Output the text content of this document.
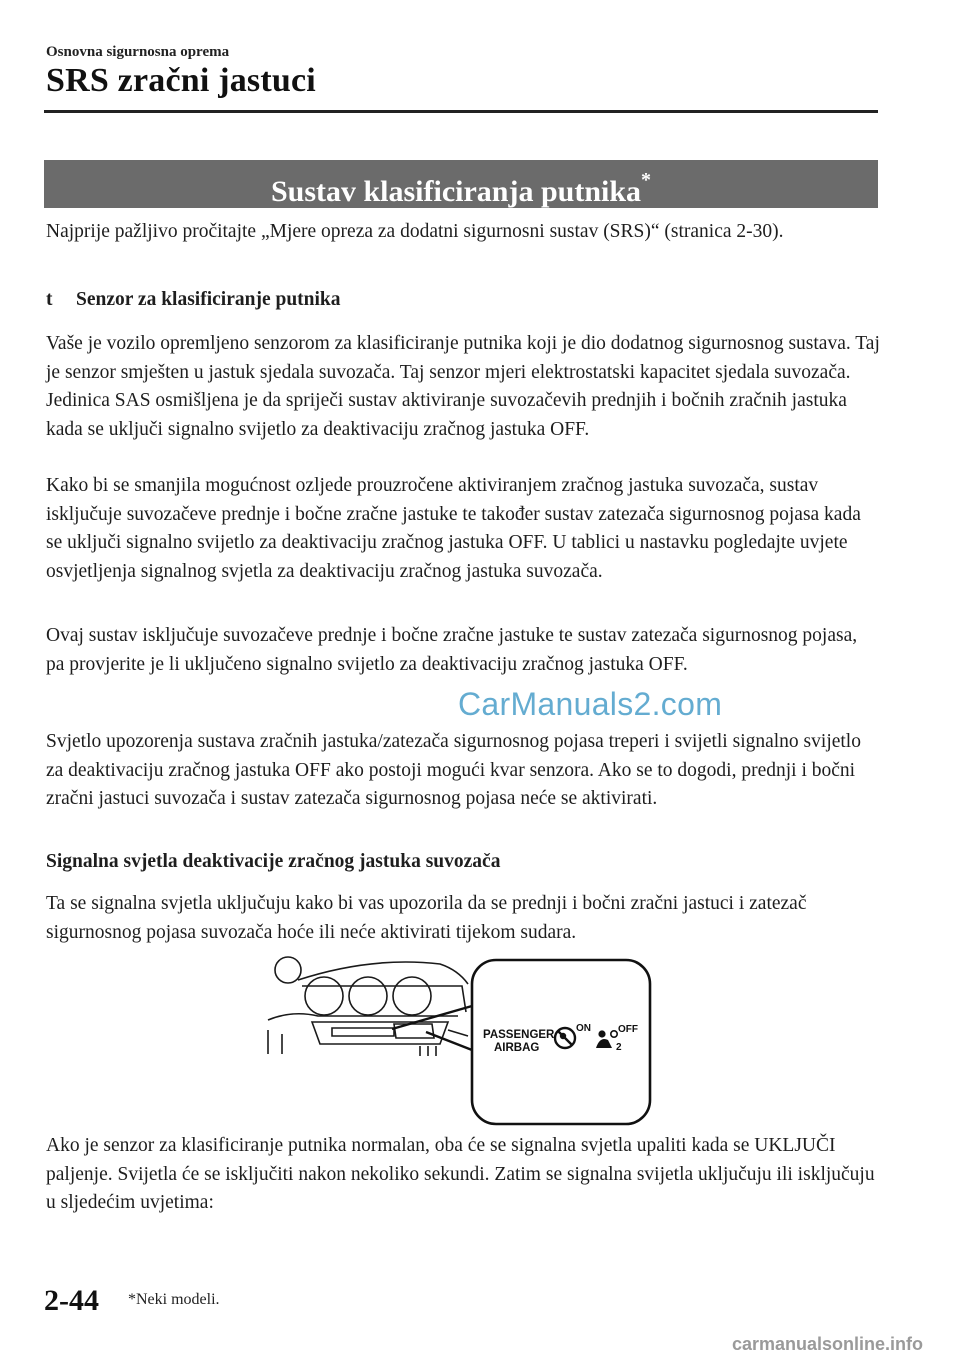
Osnovna sigurnosna oprema
SRS zračni jastuci
Sustav klasificiranja putnika*
Najprije pažljivo pročitajte „Mjere opreza za dodatni sigurnosni sustav (SRS)“ (stranica 2-30).
t Senzor za klasificiranje putnika
Vaše je vozilo opremljeno senzorom za klasificiranje putnika koji je dio dodatnog sigurnosnog sustava. Taj je senzor smješten u jastuk sjedala suvozača. Taj senzor mjeri elektrostatski kapacitet sjedala suvozača. Jedinica SAS osmišljena je da spriječi sustav aktiviranje suvozačevih prednjih i bočnih zračnih jastuka kada se uključi signalno svijetlo za deaktivaciju zračnog jastuka OFF.
Kako bi se smanjila mogućnost ozljede prouzročene aktiviranjem zračnog jastuka suvozača, sustav isključuje suvozačeve prednje i bočne zračne jastuke te također sustav zatezača sigurnosnog pojasa kada se uključi signalno svijetlo za deaktivaciju zračnog jastuka OFF. U tablici u nastavku pogledajte uvjete osvjetljenja signalnog svjetla za deaktivaciju zračnog jastuka suvozača.
Ovaj sustav isključuje suvozačeve prednje i bočne zračne jastuke te sustav zatezača sigurnosnog pojasa, pa provjerite je li uključeno signalno svijetlo za deaktivaciju zračnog jastuka OFF.
Svjetlo upozorenja sustava zračnih jastuka/zatezača sigurnosnog pojasa treperi i svijetli signalno svijetlo za deaktivaciju zračnog jastuka OFF ako postoji mogući kvar senzora. Ako se to dogodi, prednji i bočni zračni jastuci suvozača i sustav zatezača sigurnosnog pojasa neće se aktivirati.
Signalna svjetla deaktivacije zračnog jastuka suvozača
Ta se signalna svjetla uključuju kako bi vas upozorila da se prednji i bočni zračni jastuci i zatezač sigurnosnog pojasa suvozača hoće ili neće aktivirati tijekom sudara.
PASSENGER
AIRBAG
ON	OFF
2
CarManuals2.com
Ako je senzor za klasificiranje putnika normalan, oba će se signalna svjetla upaliti kada se UKLJUČI paljenje. Svijetla će se isključiti nakon nekoliko sekundi. Zatim se signalna svijetla uključuju ili isključuju u sljedećim uvjetima:
2-44 *Neki modeli.
carmanualsonline.info
